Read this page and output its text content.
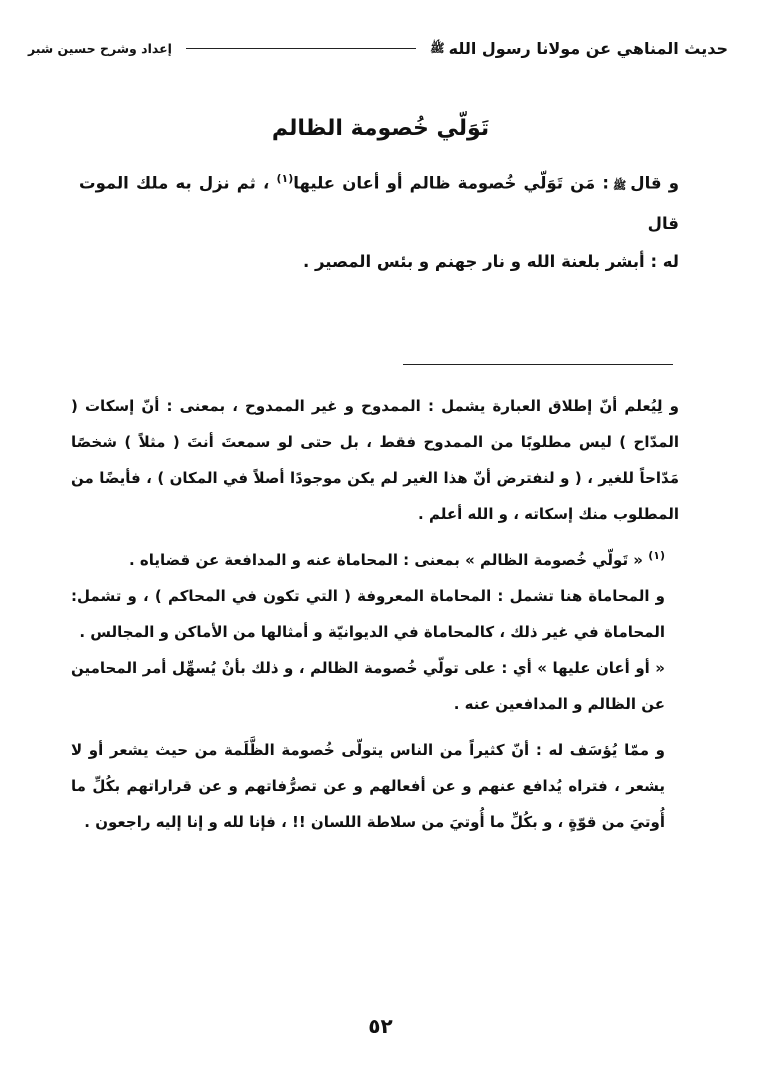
حديث المناهي عن مولانا رسول اللهﷺ
إعداد وشرح حسين شبر
تَوَلّي خُصومة الظالم
و قالﷺ: مَن تَوَلّي خُصومة ظالم أو أعان عليها$^{(١)}$ ، ثم نزل به ملك الموت قال
له : أبشر بلعنة الله و نار جهنم و بئس المصير .

و لِيُعلم أنّ إطلاق العبارة يشمل : الممدوح و غير الممدوح ، بمعنى : أنّ إسكات ( المدّاح ) ليس مطلوبًا من الممدوح فقط ، بل حتى لو سمعتَ أنتَ ( مثلاً ) شخصًا مَدّاحاً للغير ، ( و لنفترض أنّ هذا الغير لم يكن موجودًا أصلاً في المكان ) ، فأيضًا من المطلوب منك إسكاته ، و الله أعلم .

$^{(١)}$ « تَولّي خُصومة الظالم » بمعنى : المحاماة عنه و المدافعة عن قضاياه .

و المحاماة هنا تشمل : المحاماة المعروفة ( التي تكون في المحاكم ) ، و تشمل: المحاماة في غير ذلك ، كالمحاماة في الديوانيّة و أمثالها من الأماكن و المجالس .

« أو أعان عليها » أي : على تولّي خُصومة الظالم ، و ذلك بأنْ يُسهِّل أمر المحامين عن الظالم و المدافعين عنه .

و ممّا يُؤسَف له : أنّ كثيراً من الناس يتولّى خُصومة الظَّلَمة من حيث يشعر أو لا يشعر ، فتراه يُدافع عنهم و عن أفعالهم و عن تصرُّفاتهم و عن قراراتهم بكُلِّ ما أُوتيَ من قوّةٍ ، و بكُلِّ ما أُوتيَ من سلاطة اللسان !! ، فإنا لله و إنا إليه راجعون .

٥٢
